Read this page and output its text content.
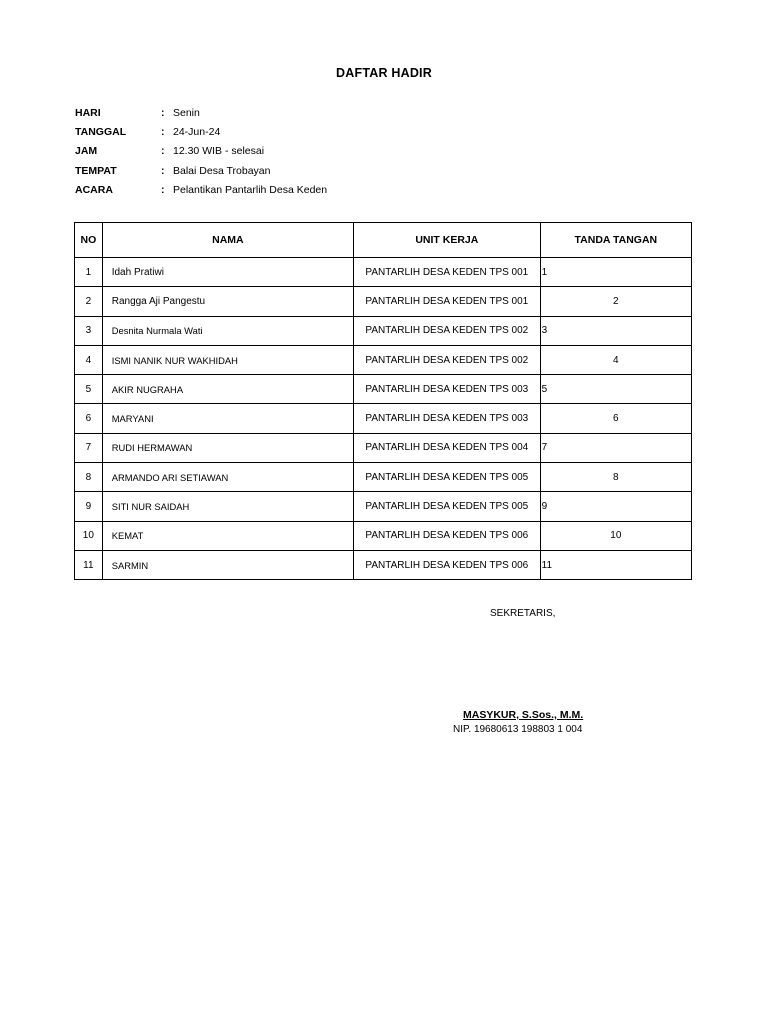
DAFTAR HADIR
HARI	: Senin
TANGGAL	: 24-Jun-24
JAM	: 12.30 WIB - selesai
TEMPAT	: Balai Desa Trobayan
ACARA	: Pelantikan Pantarlih Desa Keden
NO	NAMA	UNIT KERJA	TANDA TANGAN
1	Idah Pratiwi	PANTARLIH DESA KEDEN TPS 001	1
2	Rangga Aji Pangestu	PANTARLIH DESA KEDEN TPS 001	2
3	Desnita Nurmala Wati	PANTARLIH DESA KEDEN TPS 002	3
4	ISMI NANIK NUR WAKHIDAH	PANTARLIH DESA KEDEN TPS 002	4
5	AKIR NUGRAHA	PANTARLIH DESA KEDEN TPS 003	5
6	MARYANI	PANTARLIH DESA KEDEN TPS 003	6
7	RUDI HERMAWAN	PANTARLIH DESA KEDEN TPS 004	7
8	ARMANDO ARI SETIAWAN	PANTARLIH DESA KEDEN TPS 005	8
9	SITI NUR SAIDAH	PANTARLIH DESA KEDEN TPS 005	9
10	KEMAT	PANTARLIH DESA KEDEN TPS 006	10
11	SARMIN	PANTARLIH DESA KEDEN TPS 006	11
SEKRETARIS,
MASYKUR, S.Sos., M.M.
NIP. 19680613 198803 1 004
